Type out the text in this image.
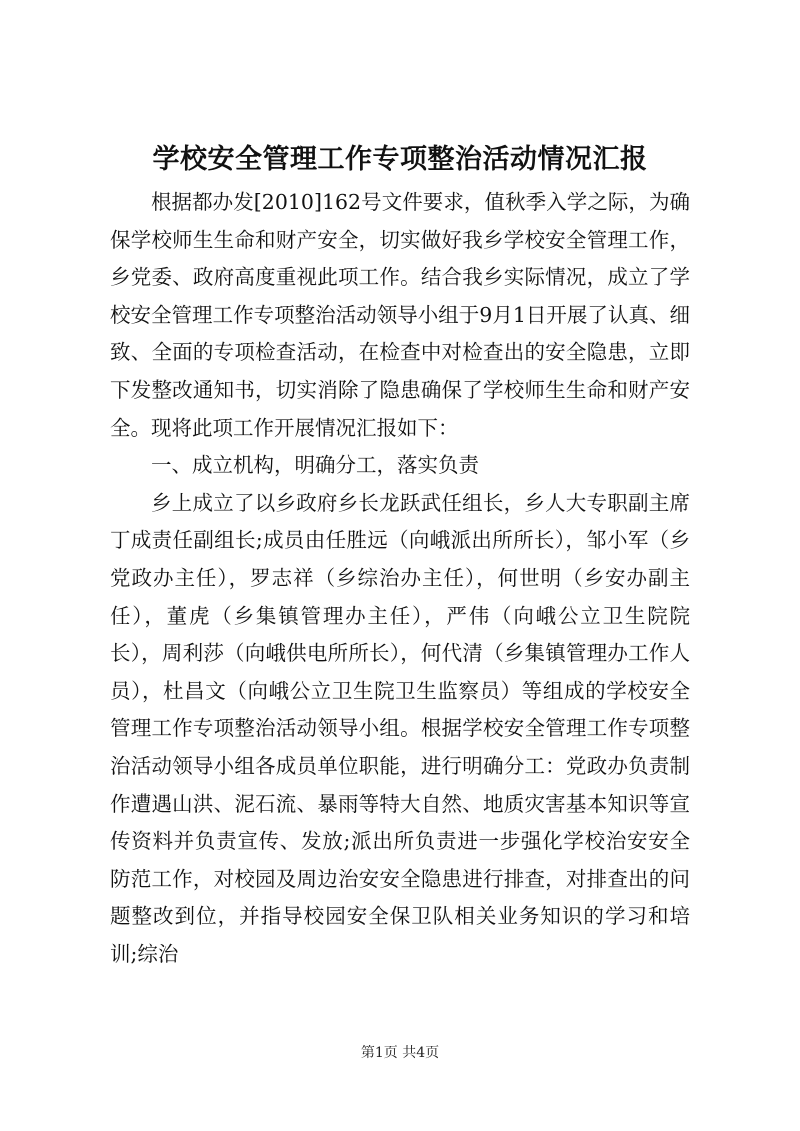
学校安全管理工作专项整治活动情况汇报

根据都办发[2010]162号文件要求，值秋季入学之际，为确保学校师生生命和财产安全，切实做好我乡学校安全管理工作，乡党委、政府高度重视此项工作。结合我乡实际情况，成立了学校安全管理工作专项整治活动领导小组于9月1日开展了认真、细致、全面的专项检查活动，在检查中对检查出的安全隐患，立即下发整改通知书，切实消除了隐患确保了学校师生生命和财产安全。现将此项工作开展情况汇报如下：

一、成立机构，明确分工，落实负责

乡上成立了以乡政府乡长龙跃武任组长，乡人大专职副主席丁成责任副组长;成员由任胜远（向峨派出所所长），邹小军（乡党政办主任），罗志祥（乡综治办主任），何世明（乡安办副主任），董虎（乡集镇管理办主任），严伟（向峨公立卫生院院长），周利莎（向峨供电所所长），何代清（乡集镇管理办工作人员），杜昌文（向峨公立卫生院卫生监察员）等组成的学校安全管理工作专项整治活动领导小组。根据学校安全管理工作专项整治活动领导小组各成员单位职能，进行明确分工：党政办负责制作遭遇山洪、泥石流、暴雨等特大自然、地质灾害基本知识等宣传资料并负责宣传、发放;派出所负责进一步强化学校治安安全防范工作，对校园及周边治安安全隐患进行排查，对排查出的问题整改到位，并指导校园安全保卫队相关业务知识的学习和培训;综治

第1页 共4页
